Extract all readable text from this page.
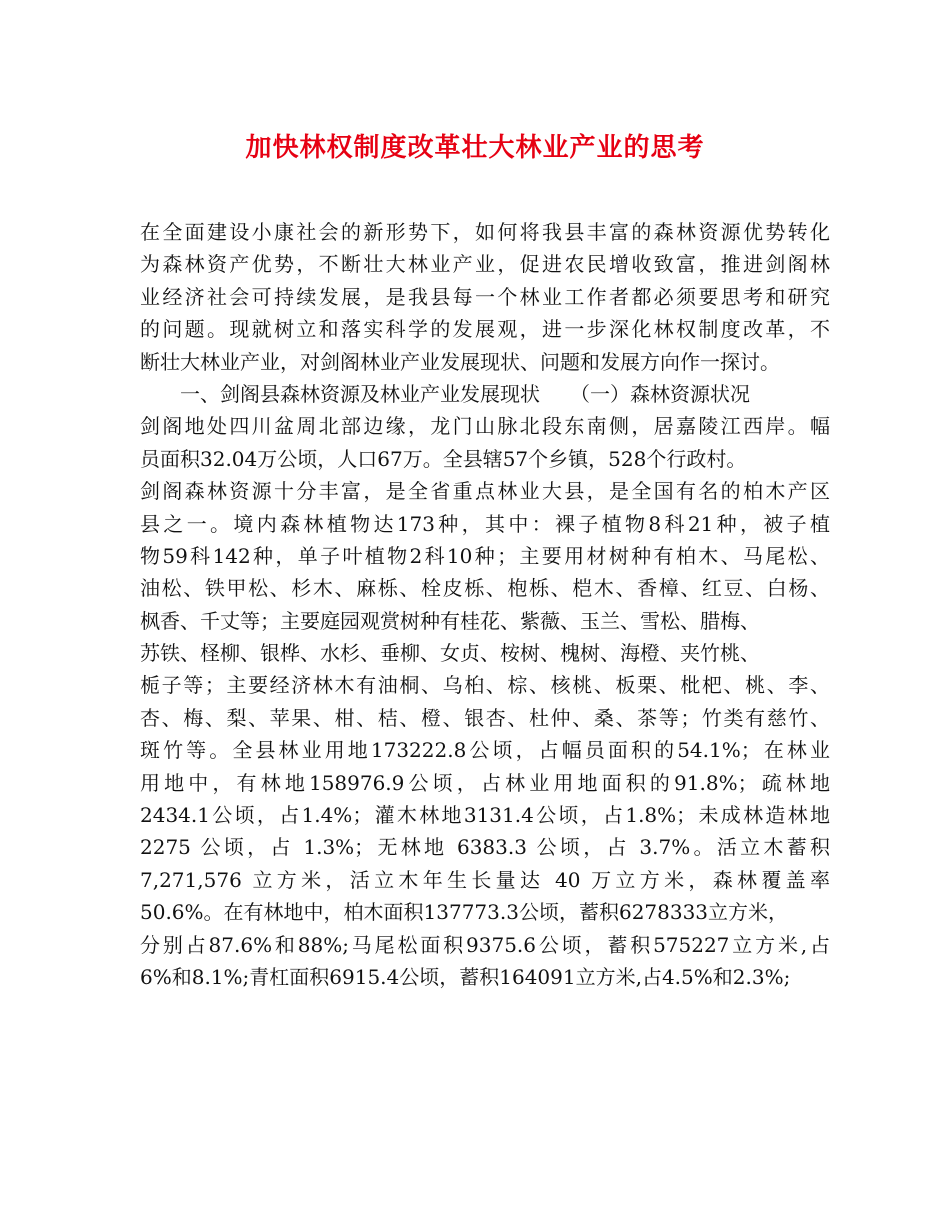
加快林权制度改革壮大林业产业的思考
在全面建设小康社会的新形势下，如何将我县丰富的森林资源优势转化
为森林资产优势，不断壮大林业产业，促进农民增收致富，推进剑阁林
业经济社会可持续发展，是我县每一个林业工作者都必须要思考和研究
的问题。现就树立和落实科学的发展观，进一步深化林权制度改革，不
断壮大林业产业，对剑阁林业产业发展现状、问题和发展方向作一探讨。
　　一、剑阁县森林资源及林业产业发展现状　　（一）森林资源状况
剑阁地处四川盆周北部边缘，龙门山脉北段东南侧，居嘉陵江西岸。幅
员面积32.04万公顷，人口67万。全县辖57个乡镇，528个行政村。
剑阁森林资源十分丰富，是全省重点林业大县，是全国有名的柏木产区
县之一。境内森林植物达173种，其中：裸子植物8科21种，被子植
物59科142种，单子叶植物2科10种；主要用材树种有柏木、马尾松、
油松、铁甲松、杉木、麻栎、栓皮栎、枹栎、桤木、香樟、红豆、白杨、
枫香、千丈等；主要庭园观赏树种有桂花、紫薇、玉兰、雪松、腊梅、
苏铁、柽柳、银桦、水杉、垂柳、女贞、桉树、槐树、海橙、夹竹桃、
栀子等；主要经济林木有油桐、乌桕、棕、核桃、板栗、枇杷、桃、李、
杏、梅、梨、苹果、柑、桔、橙、银杏、杜仲、桑、茶等；竹类有慈竹、
斑竹等。全县林业用地173222.8公顷，占幅员面积的54.1%；在林业
用地中，有林地158976.9公顷，占林业用地面积的91.8%；疏林地
2434.1公顷，占1.4%；灌木林地3131.4公顷，占1.8%；未成林造林地
2275 公顷，占 1.3%；无林地 6383.3 公顷，占 3.7%。活立木蓄积
7,271,576 立方米，活立木年生长量达 40 万立方米，森林覆盖率
50.6%。在有林地中，柏木面积137773.3公顷，蓄积6278333立方米，
分别占87.6%和88%;马尾松面积9375.6公顷，蓄积575227立方米,占
6%和8.1%;青杠面积6915.4公顷，蓄积164091立方米,占4.5%和2.3%;
